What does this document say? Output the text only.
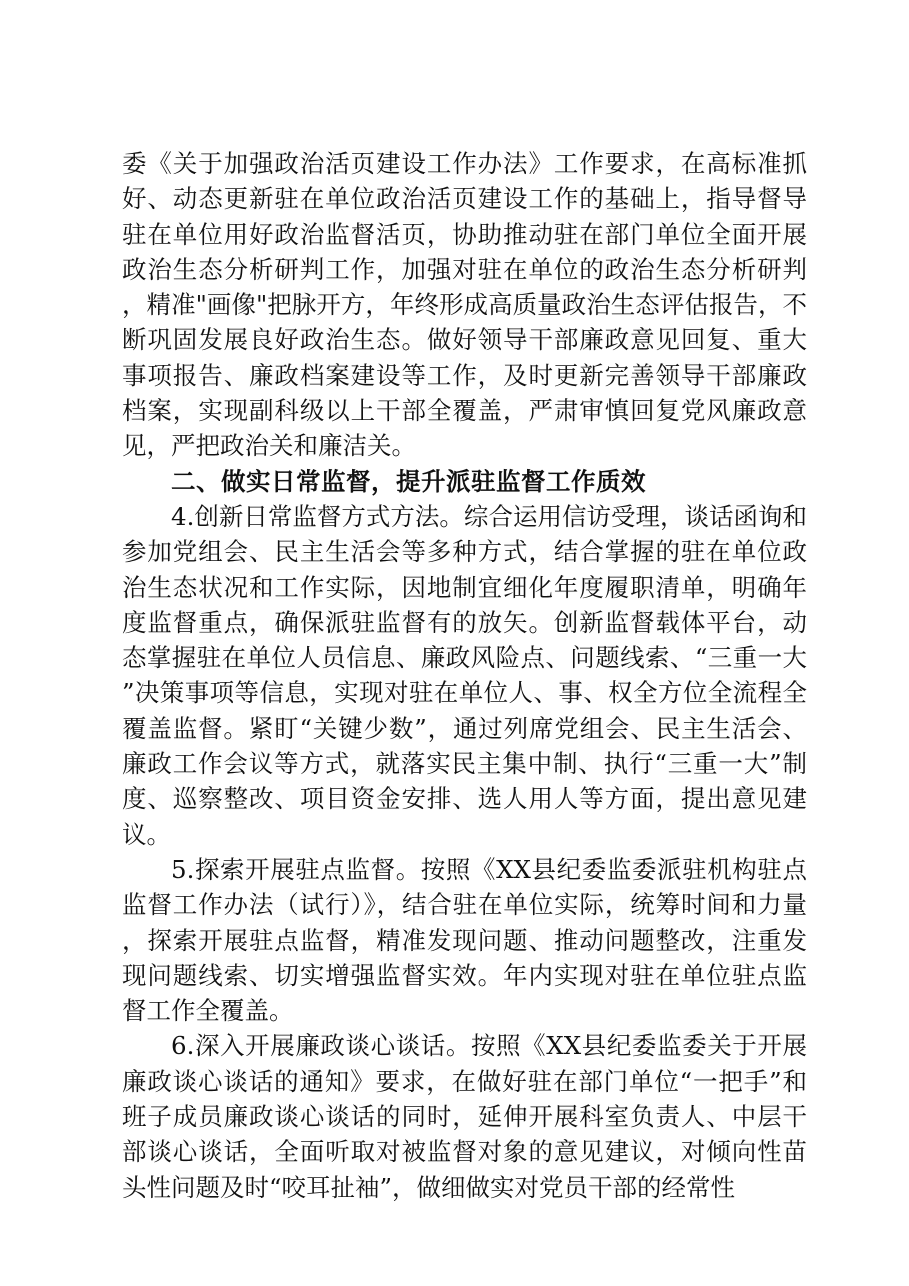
委《关于加强政治活页建设工作办法》工作要求，在高标准抓好、动态更新驻在单位政治活页建设工作的基础上，指导督导驻在单位用好政治监督活页，协助推动驻在部门单位全面开展政治生态分析研判工作，加强对驻在单位的政治生态分析研判，精准"画像"把脉开方，年终形成高质量政治生态评估报告，不断巩固发展良好政治生态。做好领导干部廉政意见回复、重大事项报告、廉政档案建设等工作，及时更新完善领导干部廉政档案，实现副科级以上干部全覆盖，严肃审慎回复党风廉政意见，严把政治关和廉洁关。

二、做实日常监督，提升派驻监督工作质效

4.创新日常监督方式方法。综合运用信访受理，谈话函询和参加党组会、民主生活会等多种方式，结合掌握的驻在单位政治生态状况和工作实际，因地制宜细化年度履职清单，明确年度监督重点，确保派驻监督有的放矢。创新监督载体平台，动态掌握驻在单位人员信息、廉政风险点、问题线索、“三重一大”决策事项等信息，实现对驻在单位人、事、权全方位全流程全覆盖监督。紧盯“关键少数”，通过列席党组会、民主生活会、廉政工作会议等方式，就落实民主集中制、执行“三重一大”制度、巡察整改、项目资金安排、选人用人等方面，提出意见建议。

5.探索开展驻点监督。按照《XX县纪委监委派驻机构驻点监督工作办法（试行）》，结合驻在单位实际，统筹时间和力量，探索开展驻点监督，精准发现问题、推动问题整改，注重发现问题线索、切实增强监督实效。年内实现对驻在单位驻点监督工作全覆盖。

6.深入开展廉政谈心谈话。按照《XX县纪委监委关于开展廉政谈心谈话的通知》要求，在做好驻在部门单位“一把手”和班子成员廉政谈心谈话的同时，延伸开展科室负责人、中层干部谈心谈话，全面听取对被监督对象的意见建议，对倾向性苗头性问题及时“咬耳扯袖”，做细做实对党员干部的经常性
